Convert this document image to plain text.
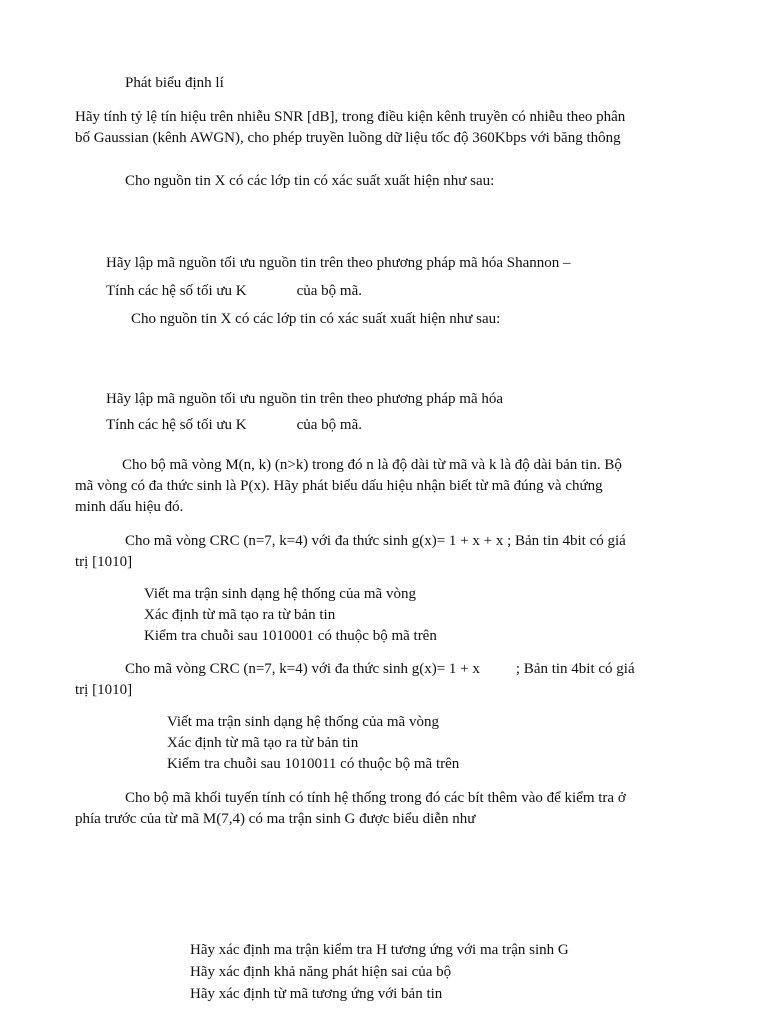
Phát biểu định lí
Hãy tính tỷ lệ tín hiệu trên nhiễu SNR [dB], trong điều kiện kênh truyền có nhiễu theo phân
bố Gaussian (kênh AWGN), cho phép truyền luồng dữ liệu tốc độ 360Kbps với băng thông
Cho nguồn tin X có các lớp tin có xác suất xuất hiện như sau:
Hãy lập mã nguồn tối ưu nguồn tin trên theo phương pháp mã hóa Shannon –
Tính các hệ số tối ưu K	của bộ mã.
Cho nguồn tin X có các lớp tin có xác suất xuất hiện như sau:
Hãy lập mã nguồn tối ưu nguồn tin trên theo phương pháp mã hóa
Tính các hệ số tối ưu K	của bộ mã.
Cho bộ mã vòng M(n, k) (n>k) trong đó n là độ dài từ mã và k là độ dài bản tin. Bộ
mã vòng có đa thức sinh là P(x). Hãy phát biểu dấu hiệu nhận biết từ mã đúng và chứng
minh dấu hiệu đó.
Cho mã vòng CRC (n=7, k=4) với đa thức sinh g(x)= 1 + x + x ; Bản tin 4bit có giá
trị [1010]
Viết ma trận sinh dạng hệ thống của mã vòng
Xác định từ mã tạo ra từ bản tin
Kiểm tra chuỗi sau 1010001 có thuộc bộ mã trên
Cho mã vòng CRC (n=7, k=4) với đa thức sinh g(x)= 1 + x ; Bản tin 4bit có giá
trị [1010]
Viết ma trận sinh dạng hệ thống của mã vòng
Xác định từ mã tạo ra từ bản tin
Kiểm tra chuỗi sau 1010011 có thuộc bộ mã trên
Cho bộ mã khối tuyến tính có tính hệ thống trong đó các bít thêm vào để kiểm tra ở
phía trước của từ mã M(7,4) có ma trận sinh G được biểu diễn như
Hãy xác định ma trận kiểm tra H tương ứng với ma trận sinh G
Hãy xác định khả năng phát hiện sai của bộ
Hãy xác định từ mã tương ứng với bản tin
